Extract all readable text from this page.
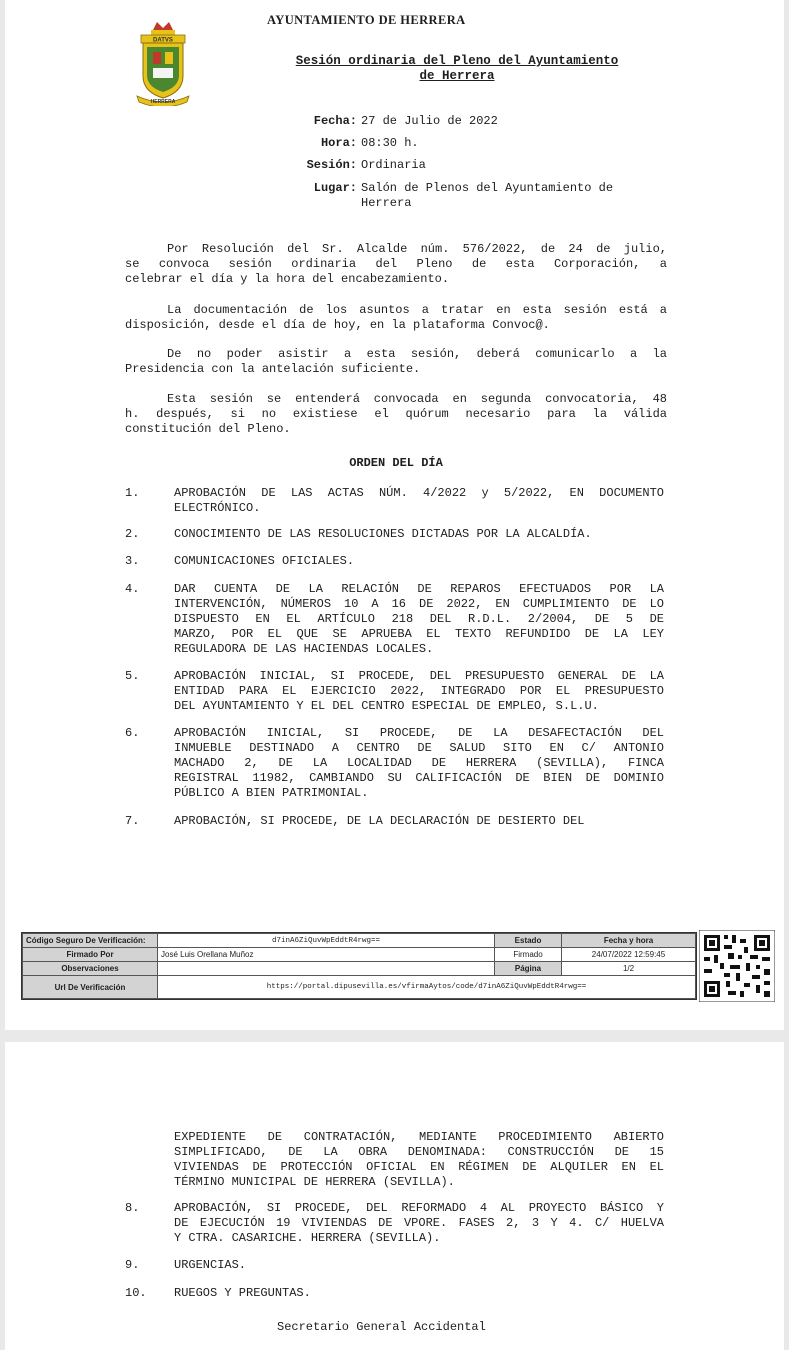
DATVS
HERRERA
AYUNTAMIENTO DE HERRERA
Sesión ordinaria del Pleno del Ayuntamiento
de Herrera
Fecha: 27 de Julio de 2022
Hora: 08:30 h.
Sesión: Ordinaria
Lugar: Salón de Plenos del Ayuntamiento de
Herrera
Por Resolución del Sr. Alcalde núm. 576/2022, de 24 de julio,
se convoca sesión ordinaria del Pleno de esta Corporación, a
celebrar el día y la hora del encabezamiento.
La documentación de los asuntos a tratar en esta sesión está a
disposición, desde el día de hoy, en la plataforma Convoc@.
De no poder asistir a esta sesión, deberá comunicarlo a la
Presidencia con la antelación suficiente.
Esta sesión se entenderá convocada en segunda convocatoria, 48
h. después, si no existiese el quórum necesario para la válida
constitución del Pleno.
ORDEN DEL DÍA
1.	APROBACIÓN DE LAS ACTAS NÚM. 4/2022 y 5/2022, EN DOCUMENTO
ELECTRÓNICO.
2.	CONOCIMIENTO DE LAS RESOLUCIONES DICTADAS POR LA ALCALDÍA.
3.	COMUNICACIONES OFICIALES.
4.	DAR CUENTA DE LA RELACIÓN DE REPAROS EFECTUADOS POR LA
INTERVENCIÓN, NÚMEROS 10 A 16 DE 2022, EN CUMPLIMIENTO DE LO
DISPUESTO EN EL ARTÍCULO 218 DEL R.D.L. 2/2004, DE 5 DE
MARZO, POR EL QUE SE APRUEBA EL TEXTO REFUNDIDO DE LA LEY
REGULADORA DE LAS HACIENDAS LOCALES.
5.	APROBACIÓN INICIAL, SI PROCEDE, DEL PRESUPUESTO GENERAL DE LA
ENTIDAD PARA EL EJERCICIO 2022, INTEGRADO POR EL PRESUPUESTO
DEL AYUNTAMIENTO Y EL DEL CENTRO ESPECIAL DE EMPLEO, S.L.U.
6.	APROBACIÓN INICIAL, SI PROCEDE, DE LA DESAFECTACIÓN DEL
INMUEBLE DESTINADO A CENTRO DE SALUD SITO EN C/ ANTONIO
MACHADO 2, DE LA LOCALIDAD DE HERRERA (SEVILLA), FINCA
REGISTRAL 11982, CAMBIANDO SU CALIFICACIÓN DE BIEN DE DOMINIO
PÚBLICO A BIEN PATRIMONIAL.
7.	APROBACIÓN, SI PROCEDE, DE LA DECLARACIÓN DE DESIERTO DEL
Código Seguro De Verificación:	d7inA6ZiQuvWpEddtR4rwg==	Estado	Fecha y hora
Firmado Por	José Luis Orellana Muñoz	Firmado	24/07/2022 12:59:45
Observaciones		Página	1/2
Url De Verificación	https://portal.dipusevilla.es/vfirmaAytos/code/d7inA6ZiQuvWpEddtR4rwg==		
EXPEDIENTE DE CONTRATACIÓN, MEDIANTE PROCEDIMIENTO ABIERTO
SIMPLIFICADO, DE LA OBRA DENOMINADA: CONSTRUCCIÓN DE 15
VIVIENDAS DE PROTECCIÓN OFICIAL EN RÉGIMEN DE ALQUILER EN EL
TÉRMINO MUNICIPAL DE HERRERA (SEVILLA).
8.	APROBACIÓN, SI PROCEDE, DEL REFORMADO 4 AL PROYECTO BÁSICO Y
DE EJECUCIÓN 19 VIVIENDAS DE VPORE. FASES 2, 3 Y 4. C/ HUELVA
Y CTRA. CASARICHE. HERRERA (SEVILLA).
9.	URGENCIAS.
10. RUEGOS Y PREGUNTAS.
Secretario General Accidental
